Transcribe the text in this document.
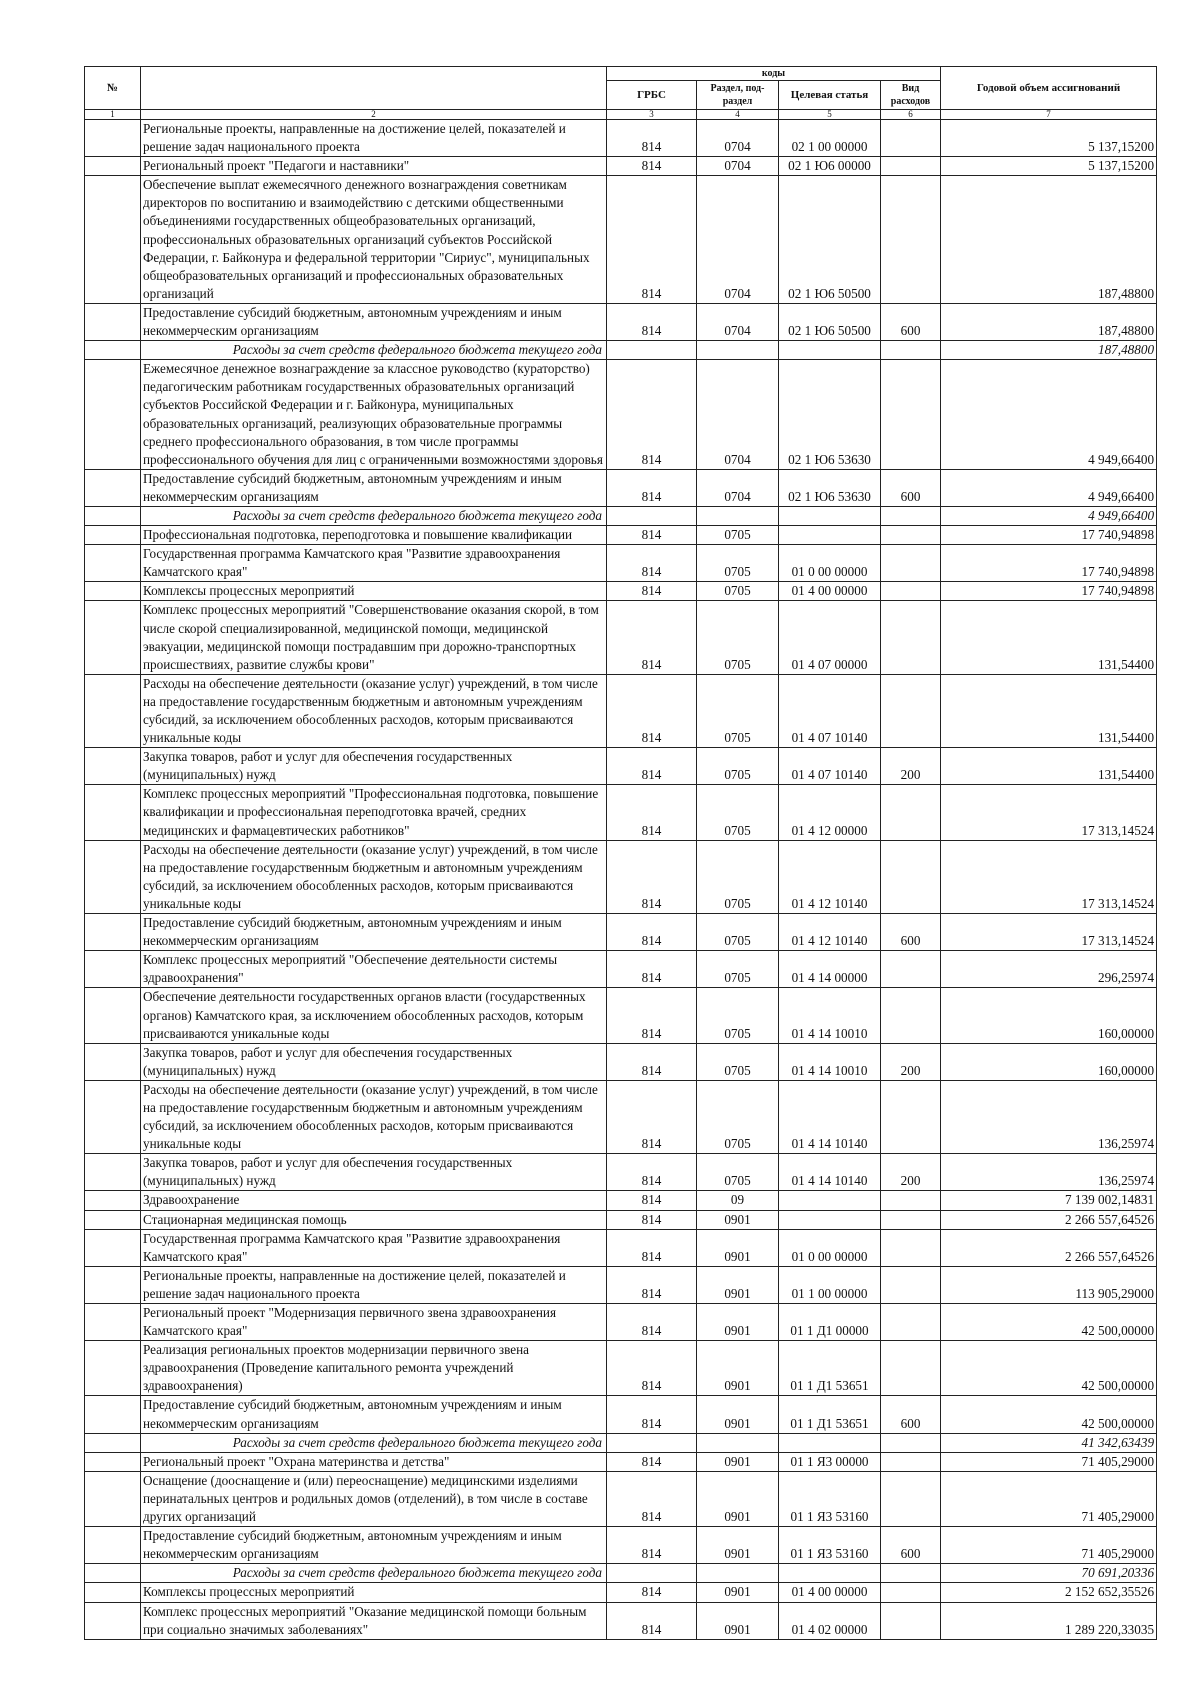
№		коды				Годовой объем ассигнований
		ГРБС	Раздел, под-раздел	Целевая статья	Вид расходов	
1	2	3	4	5	6	7
	Региональные проекты, направленные на достижение целей, показателей и решение задач национального проекта	814	0704	02 1 00 00000		5 137,15200
	Региональный проект "Педагоги и наставники"	814	0704	02 1 Ю6 00000		5 137,15200
	Обеспечение выплат ежемесячного денежного вознаграждения советникам директоров по воспитанию и взаимодействию с детскими общественными объединениями государственных общеобразовательных организаций, профессиональных образовательных организаций субъектов Российской Федерации, г. Байконура и федеральной территории "Сириус", муниципальных общеобразовательных организаций и профессиональных образовательных организаций	814	0704	02 1 Ю6 50500		187,48800
	Предоставление субсидий бюджетным, автономным учреждениям и иным некоммерческим организациям	814	0704	02 1 Ю6 50500	600	187,48800
	Расходы за счет средств федерального бюджета текущего года					187,48800
	Ежемесячное денежное вознаграждение за классное руководство (кураторство) педагогическим работникам государственных образовательных организаций субъектов Российской Федерации и г. Байконура, муниципальных образовательных организаций, реализующих образовательные программы среднего профессионального образования, в том числе программы профессионального обучения для лиц с ограниченными возможностями здоровья	814	0704	02 1 Ю6 53630		4 949,66400
	Предоставление субсидий бюджетным, автономным учреждениям и иным некоммерческим организациям	814	0704	02 1 Ю6 53630	600	4 949,66400
	Расходы за счет средств федерального бюджета текущего года					4 949,66400
	Профессиональная подготовка, переподготовка и повышение квалификации	814	0705			17 740,94898
	Государственная программа Камчатского края "Развитие здравоохранения Камчатского края"	814	0705	01 0 00 00000		17 740,94898
	Комплексы процессных мероприятий	814	0705	01 4 00 00000		17 740,94898
	Комплекс процессных мероприятий "Совершенствование оказания скорой, в том числе скорой специализированной, медицинской помощи, медицинской эвакуации, медицинской помощи пострадавшим при дорожно-транспортных происшествиях, развитие службы крови"	814	0705	01 4 07 00000		131,54400
	Расходы на обеспечение деятельности (оказание услуг) учреждений, в том числе на предоставление государственным бюджетным и автономным учреждениям субсидий, за исключением обособленных расходов, которым присваиваются уникальные коды	814	0705	01 4 07 10140		131,54400
	Закупка товаров, работ и услуг для обеспечения государственных (муниципальных) нужд	814	0705	01 4 07 10140	200	131,54400
	Комплекс процессных мероприятий "Профессиональная подготовка, повышение квалификации и профессиональная переподготовка врачей, средних медицинских и фармацевтических работников"	814	0705	01 4 12 00000		17 313,14524
	Расходы на обеспечение деятельности (оказание услуг) учреждений, в том числе на предоставление государственным бюджетным и автономным учреждениям субсидий, за исключением обособленных расходов, которым присваиваются уникальные коды	814	0705	01 4 12 10140		17 313,14524
	Предоставление субсидий бюджетным, автономным учреждениям и иным некоммерческим организациям	814	0705	01 4 12 10140	600	17 313,14524
	Комплекс процессных мероприятий "Обеспечение деятельности системы здравоохранения"	814	0705	01 4 14 00000		296,25974
	Обеспечение деятельности государственных органов власти (государственных органов) Камчатского края, за исключением обособленных расходов, которым присваиваются уникальные коды	814	0705	01 4 14 10010		160,00000
	Закупка товаров, работ и услуг для обеспечения государственных (муниципальных) нужд	814	0705	01 4 14 10010	200	160,00000
	Расходы на обеспечение деятельности (оказание услуг) учреждений, в том числе на предоставление государственным бюджетным и автономным учреждениям субсидий, за исключением обособленных расходов, которым присваиваются уникальные коды	814	0705	01 4 14 10140		136,25974
	Закупка товаров, работ и услуг для обеспечения государственных (муниципальных) нужд	814	0705	01 4 14 10140	200	136,25974
	Здравоохранение	814	09			7 139 002,14831
	Стационарная медицинская помощь	814	0901			2 266 557,64526
	Государственная программа Камчатского края "Развитие здравоохранения Камчатского края"	814	0901	01 0 00 00000		2 266 557,64526
	Региональные проекты, направленные на достижение целей, показателей и решение задач национального проекта	814	0901	01 1 00 00000		113 905,29000
	Региональный проект "Модернизация первичного звена здравоохранения Камчатского края"	814	0901	01 1 Д1 00000		42 500,00000
	Реализация региональных проектов модернизации первичного звена здравоохранения (Проведение капитального ремонта учреждений здравоохранения)	814	0901	01 1 Д1 53651		42 500,00000
	Предоставление субсидий бюджетным, автономным учреждениям и иным некоммерческим организациям	814	0901	01 1 Д1 53651	600	42 500,00000
	Расходы за счет средств федерального бюджета текущего года					41 342,63439
	Региональный проект "Охрана материнства и детства"	814	0901	01 1 Я3 00000		71 405,29000
	Оснащение (дооснащение и (или) переоснащение) медицинскими изделиями перинатальных центров и родильных домов (отделений), в том числе в составе других организаций	814	0901	01 1 Я3 53160		71 405,29000
	Предоставление субсидий бюджетным, автономным учреждениям и иным некоммерческим организациям	814	0901	01 1 Я3 53160	600	71 405,29000
	Расходы за счет средств федерального бюджета текущего года					70 691,20336
	Комплексы процессных мероприятий	814	0901	01 4 00 00000		2 152 652,35526
	Комплекс процессных мероприятий "Оказание медицинской помощи больным при социально значимых заболеваниях"	814	0901	01 4 02 00000		1 289 220,33035
